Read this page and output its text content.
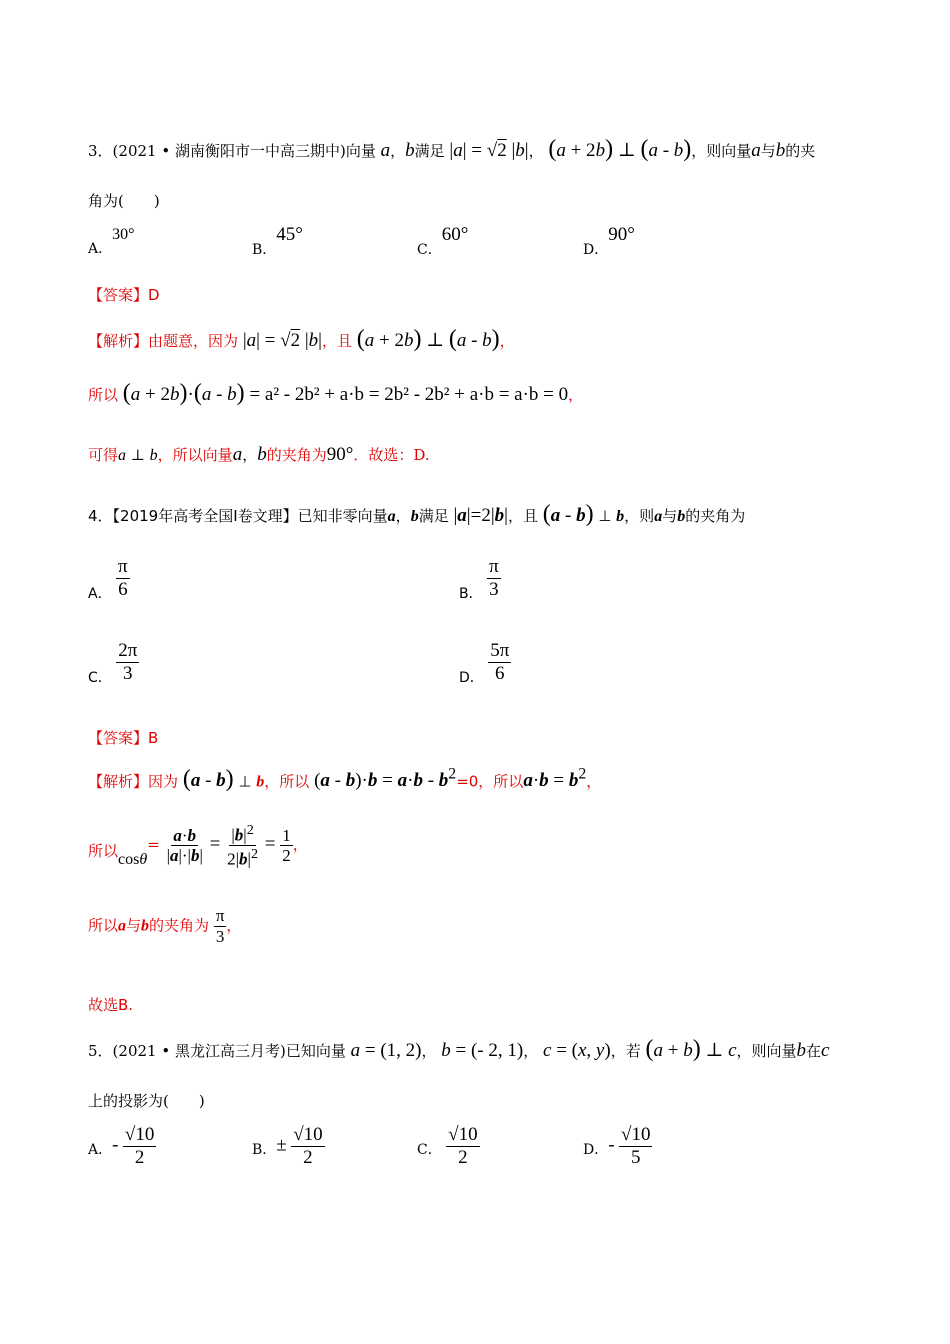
3．(2021 • 湖南衡阳市一中高三期中)向量 a，b满足 |a| = √2 |b|， (a + 2b) ⊥ (a - b)，则向量a与b的夹
角为(　　)
A．30°
B．45°
C．60°
D．90°
【答案】D
【解析】由题意，因为 |a| = √2 |b|，且 (a + 2b) ⊥ (a - b)，
所以 (a + 2b)·(a - b) = a² - 2b² + a·b = 2b² - 2b² + a·b = a·b = 0，
可得a ⊥ b，所以向量a，b的夹角为90°．故选：D.
4．【2019年高考全国Ⅰ卷文理】已知非零向量a，b满足 |a|=2|b|，且 (a - b) ⊥ b，则a与b的夹角为
A． $\frac{\pi}{6}$	B． $\frac{\pi}{3}$
C． $\frac{2\pi}{3}$	D． $\frac{5\pi}{6}$
【答案】B
【解析】因为 (a - b) ⊥ b，所以 $(a - b)\cdot b = a\cdot b - b^2=0$，所以$a\cdot b = b^2$，
所以$\cos\theta= \frac{a\cdot b}{|a|\cdot|b|} = \frac{|b|^2}{2|b|^2} = \frac{1}{2}$ ，
所以a与b的夹角为 $\frac{\pi}{3}$ ，
故选B.
5．(2021 • 黑龙江高三月考)已知向量 a = (1, 2)， b = (- 2, 1)， c = (x, y)，若 (a + b) ⊥ c，则向量b在c
上的投影为(　　)
A．- $\frac{√10}{2}$	B．± $\frac{√10}{2}$	C． $\frac{√10}{2}$	D．- $\frac{√10}{5}$
